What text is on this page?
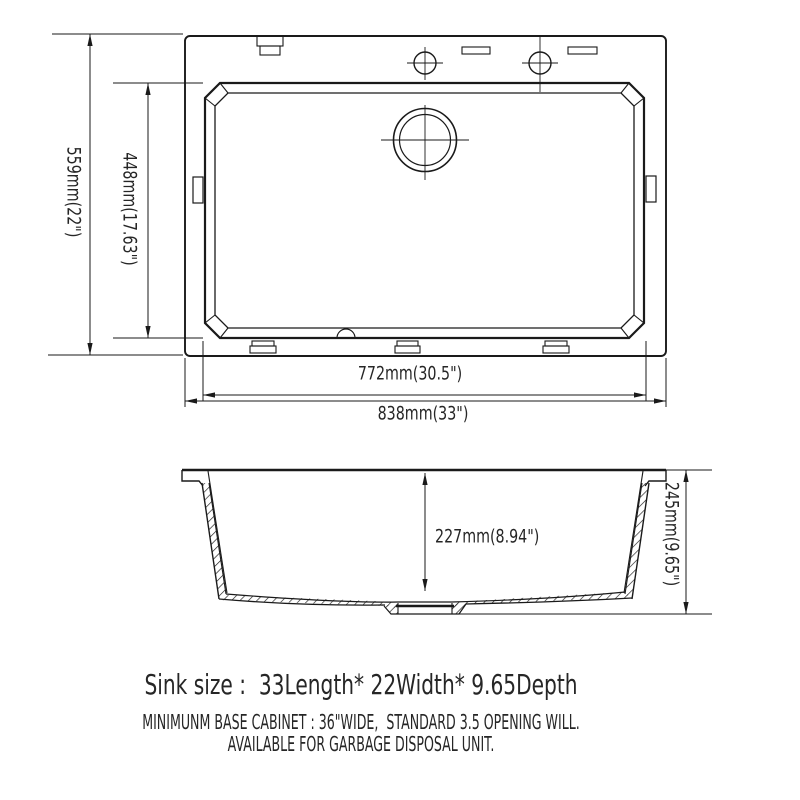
559mm(22") 448mm(17.63")
772mm(30.5")
838mm(33")
227mm(8.94")	245mm(9.65")
Sink size :  33Length* 22Width* 9.65Depth
MINIMUNM BASE CABINET : 36"WIDE,  STANDARD 3.5 OPENING WILL.
AVAILABLE FOR GARBAGE DISPOSAL UNIT.
